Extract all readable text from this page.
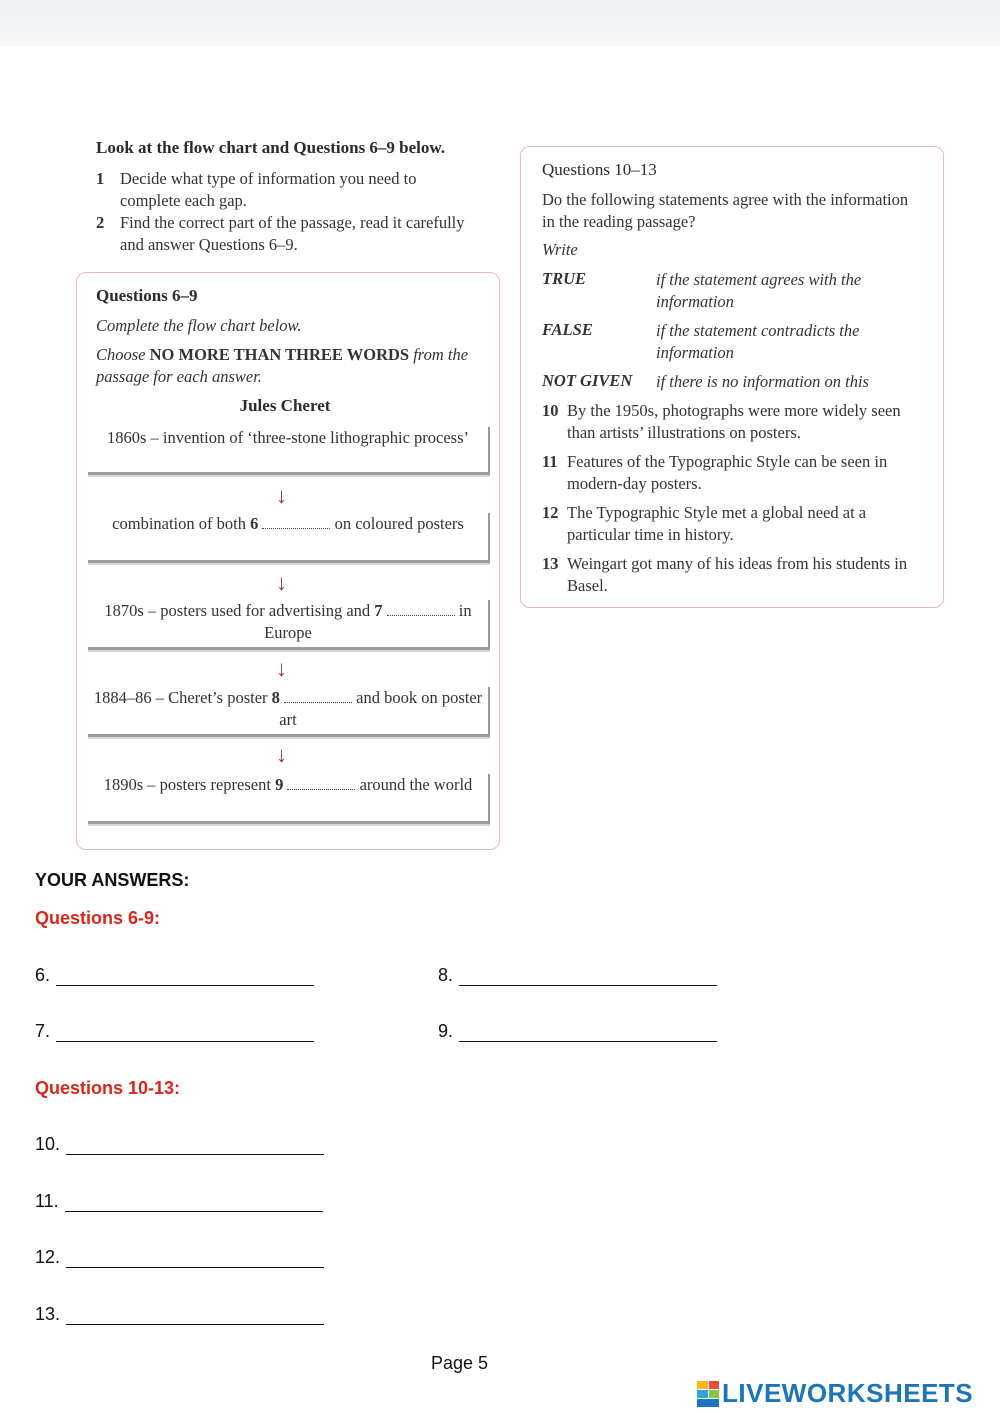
Look at the flow chart and Questions 6–9 below.
1 Decide what type of information you need to complete each gap.
2 Find the correct part of the passage, read it carefully and answer Questions 6–9.
Questions 6–9
Complete the flow chart below.
Choose NO MORE THAN THREE WORDS from the passage for each answer.
Jules Cheret
1860s – invention of ‘three-stone lithographic process’
↓
combination of both 6	on coloured posters
↓
1870s – posters used for advertising and 7	in Europe
↓
1884–86 – Cheret’s poster 8	and book on poster art
↓
1890s – posters represent 9	around the world
Questions 10–13
Do the following statements agree with the information in the reading passage?
Write
TRUE	if the statement agrees with the information
FALSE	if the statement contradicts the information
NOT GIVEN if there is no information on this
10 By the 1950s, photographs were more widely seen than artists’ illustrations on posters.
11 Features of the Typographic Style can be seen in modern-day posters.
12 The Typographic Style met a global need at a particular time in history.
13 Weingart got many of his ideas from his students in Basel.
YOUR ANSWERS:
Questions 6-9:
6.	8.
7.	9.
Questions 10-13:
10.
11.
12.
13.
Page 5
LIVEWORKSHEETS
